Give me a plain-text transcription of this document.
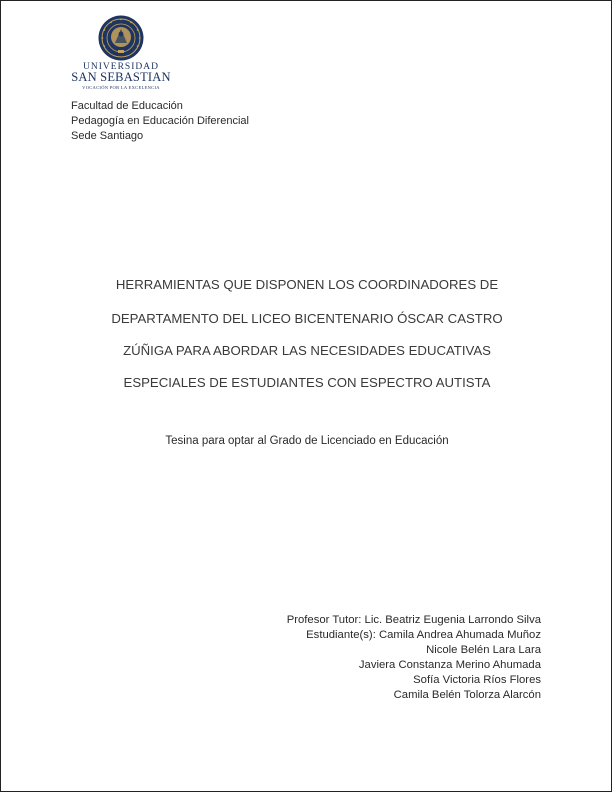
UNIVERSIDAD
SAN SEBASTIAN
VOCACIÓN POR LA EXCELENCIA
Facultad de Educación
Pedagogía en Educación Diferencial
Sede Santiago
HERRAMIENTAS QUE DISPONEN LOS COORDINADORES DE
DEPARTAMENTO DEL LICEO BICENTENARIO ÓSCAR CASTRO
ZÚÑIGA PARA ABORDAR LAS NECESIDADES EDUCATIVAS
ESPECIALES DE ESTUDIANTES CON ESPECTRO AUTISTA
Tesina para optar al Grado de Licenciado en Educación
Profesor Tutor: Lic. Beatriz Eugenia Larrondo Silva
Estudiante(s): Camila Andrea Ahumada Muñoz
Nicole Belén Lara Lara
Javiera Constanza Merino Ahumada
Sofía Victoria Ríos Flores
Camila Belén Tolorza Alarcón
